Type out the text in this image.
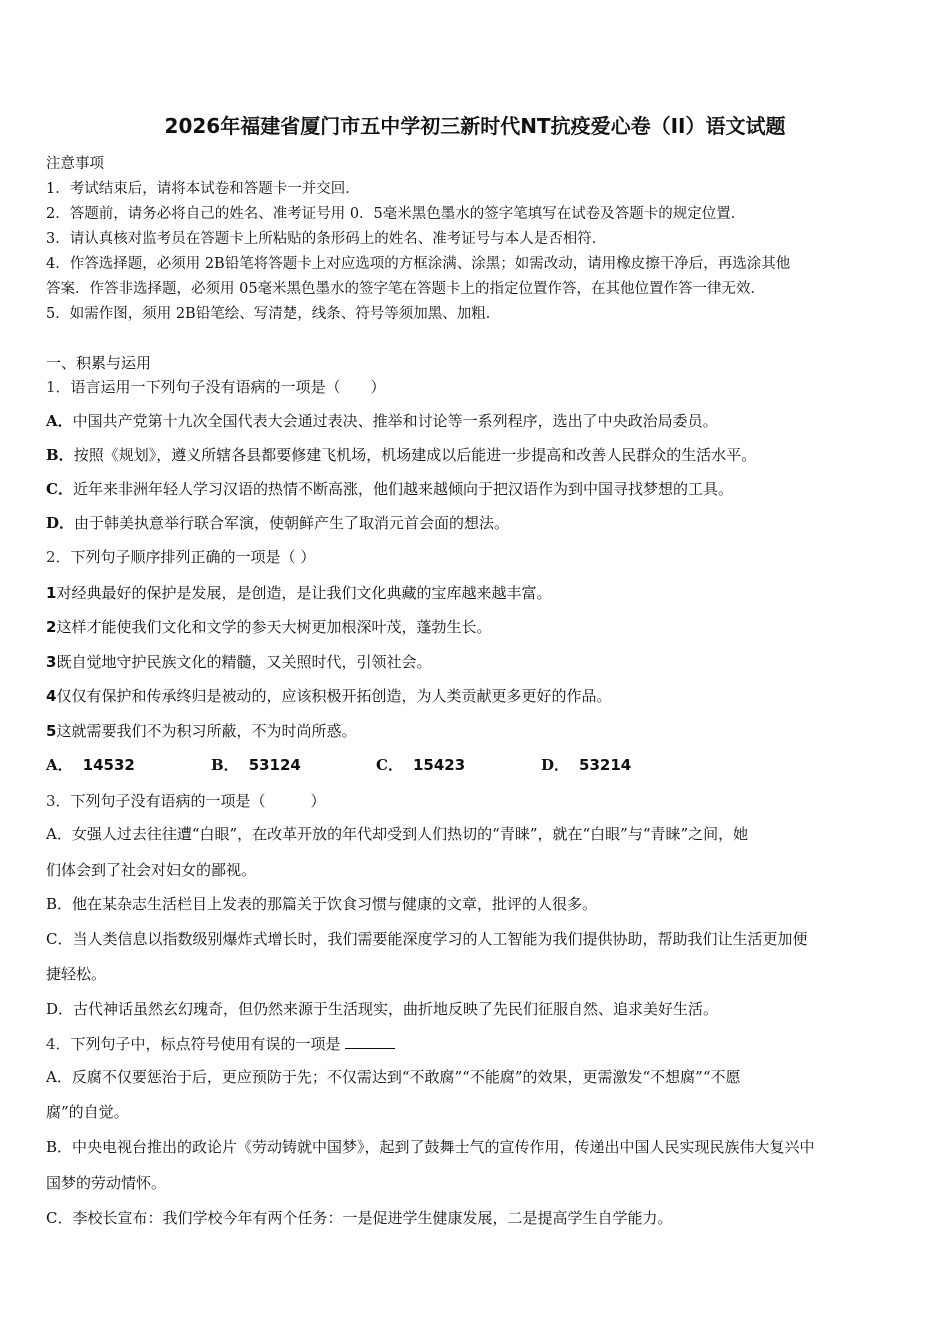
2026年福建省厦门市五中学初三新时代NT抗疫爱心卷（II）语文试题
注意事项
1．考试结束后，请将本试卷和答题卡一并交回．
2．答题前，请务必将自己的姓名、准考证号用 0．5毫米黑色墨水的签字笔填写在试卷及答题卡的规定位置．
3．请认真核对监考员在答题卡上所粘贴的条形码上的姓名、准考证号与本人是否相符．
4．作答选择题，必须用 2B铅笔将答题卡上对应选项的方框涂满、涂黑；如需改动，请用橡皮擦干净后，再选涂其他
答案．作答非选择题，必须用 05毫米黑色墨水的签字笔在答题卡上的指定位置作答，在其他位置作答一律无效．
5．如需作图，须用 2B铅笔绘、写清楚，线条、符号等须加黑、加粗．
一、积累与运用
1．语言运用一下列句子没有语病的一项是（　　）
A．中国共产党第十九次全国代表大会通过表决、推举和讨论等一系列程序，选出了中央政治局委员。
B．按照《规划》，遵义所辖各县都要修建飞机场，机场建成以后能进一步提高和改善人民群众的生活水平。
C．近年来非洲年轻人学习汉语的热情不断高涨，他们越来越倾向于把汉语作为到中国寻找梦想的工具。
D．由于韩美执意举行联合军演，使朝鲜产生了取消元首会面的想法。
2．下列句子顺序排列正确的一项是（ ）
1对经典最好的保护是发展，是创造，是让我们文化典藏的宝库越来越丰富。
2这样才能使我们文化和文学的参天大树更加根深叶茂，蓬勃生长。
3既自觉地守护民族文化的精髓，又关照时代，引领社会。
4仅仅有保护和传承终归是被动的，应该积极开拓创造，为人类贡献更多更好的作品。
5这就需要我们不为积习所蔽，不为时尚所惑。
A． 14532	B． 53124	C． 15423	D． 53214
3．下列句子没有语病的一项是（　　　）
A．女强人过去往往遭“白眼”，在改革开放的年代却受到人们热切的“青睐”，就在“白眼”与“青睐”之间，她
们体会到了社会对妇女的鄙视。
B．他在某杂志生活栏目上发表的那篇关于饮食习惯与健康的文章，批评的人很多。
C．当人类信息以指数级别爆炸式增长时，我们需要能深度学习的人工智能为我们提供协助，帮助我们让生活更加便
捷轻松。
D．古代神话虽然玄幻瑰奇，但仍然来源于生活现实，曲折地反映了先民们征服自然、追求美好生活。
4．下列句子中，标点符号使用有误的一项是
A．反腐不仅要惩治于后，更应预防于先；不仅需达到“不敢腐”“不能腐”的效果，更需激发“不想腐”“不愿
腐”的自觉。
B．中央电视台推出的政论片《劳动铸就中国梦》，起到了鼓舞士气的宣传作用，传递出中国人民实现民族伟大复兴中
国梦的劳动情怀。
C．李校长宣布：我们学校今年有两个任务：一是促进学生健康发展，二是提高学生自学能力。
